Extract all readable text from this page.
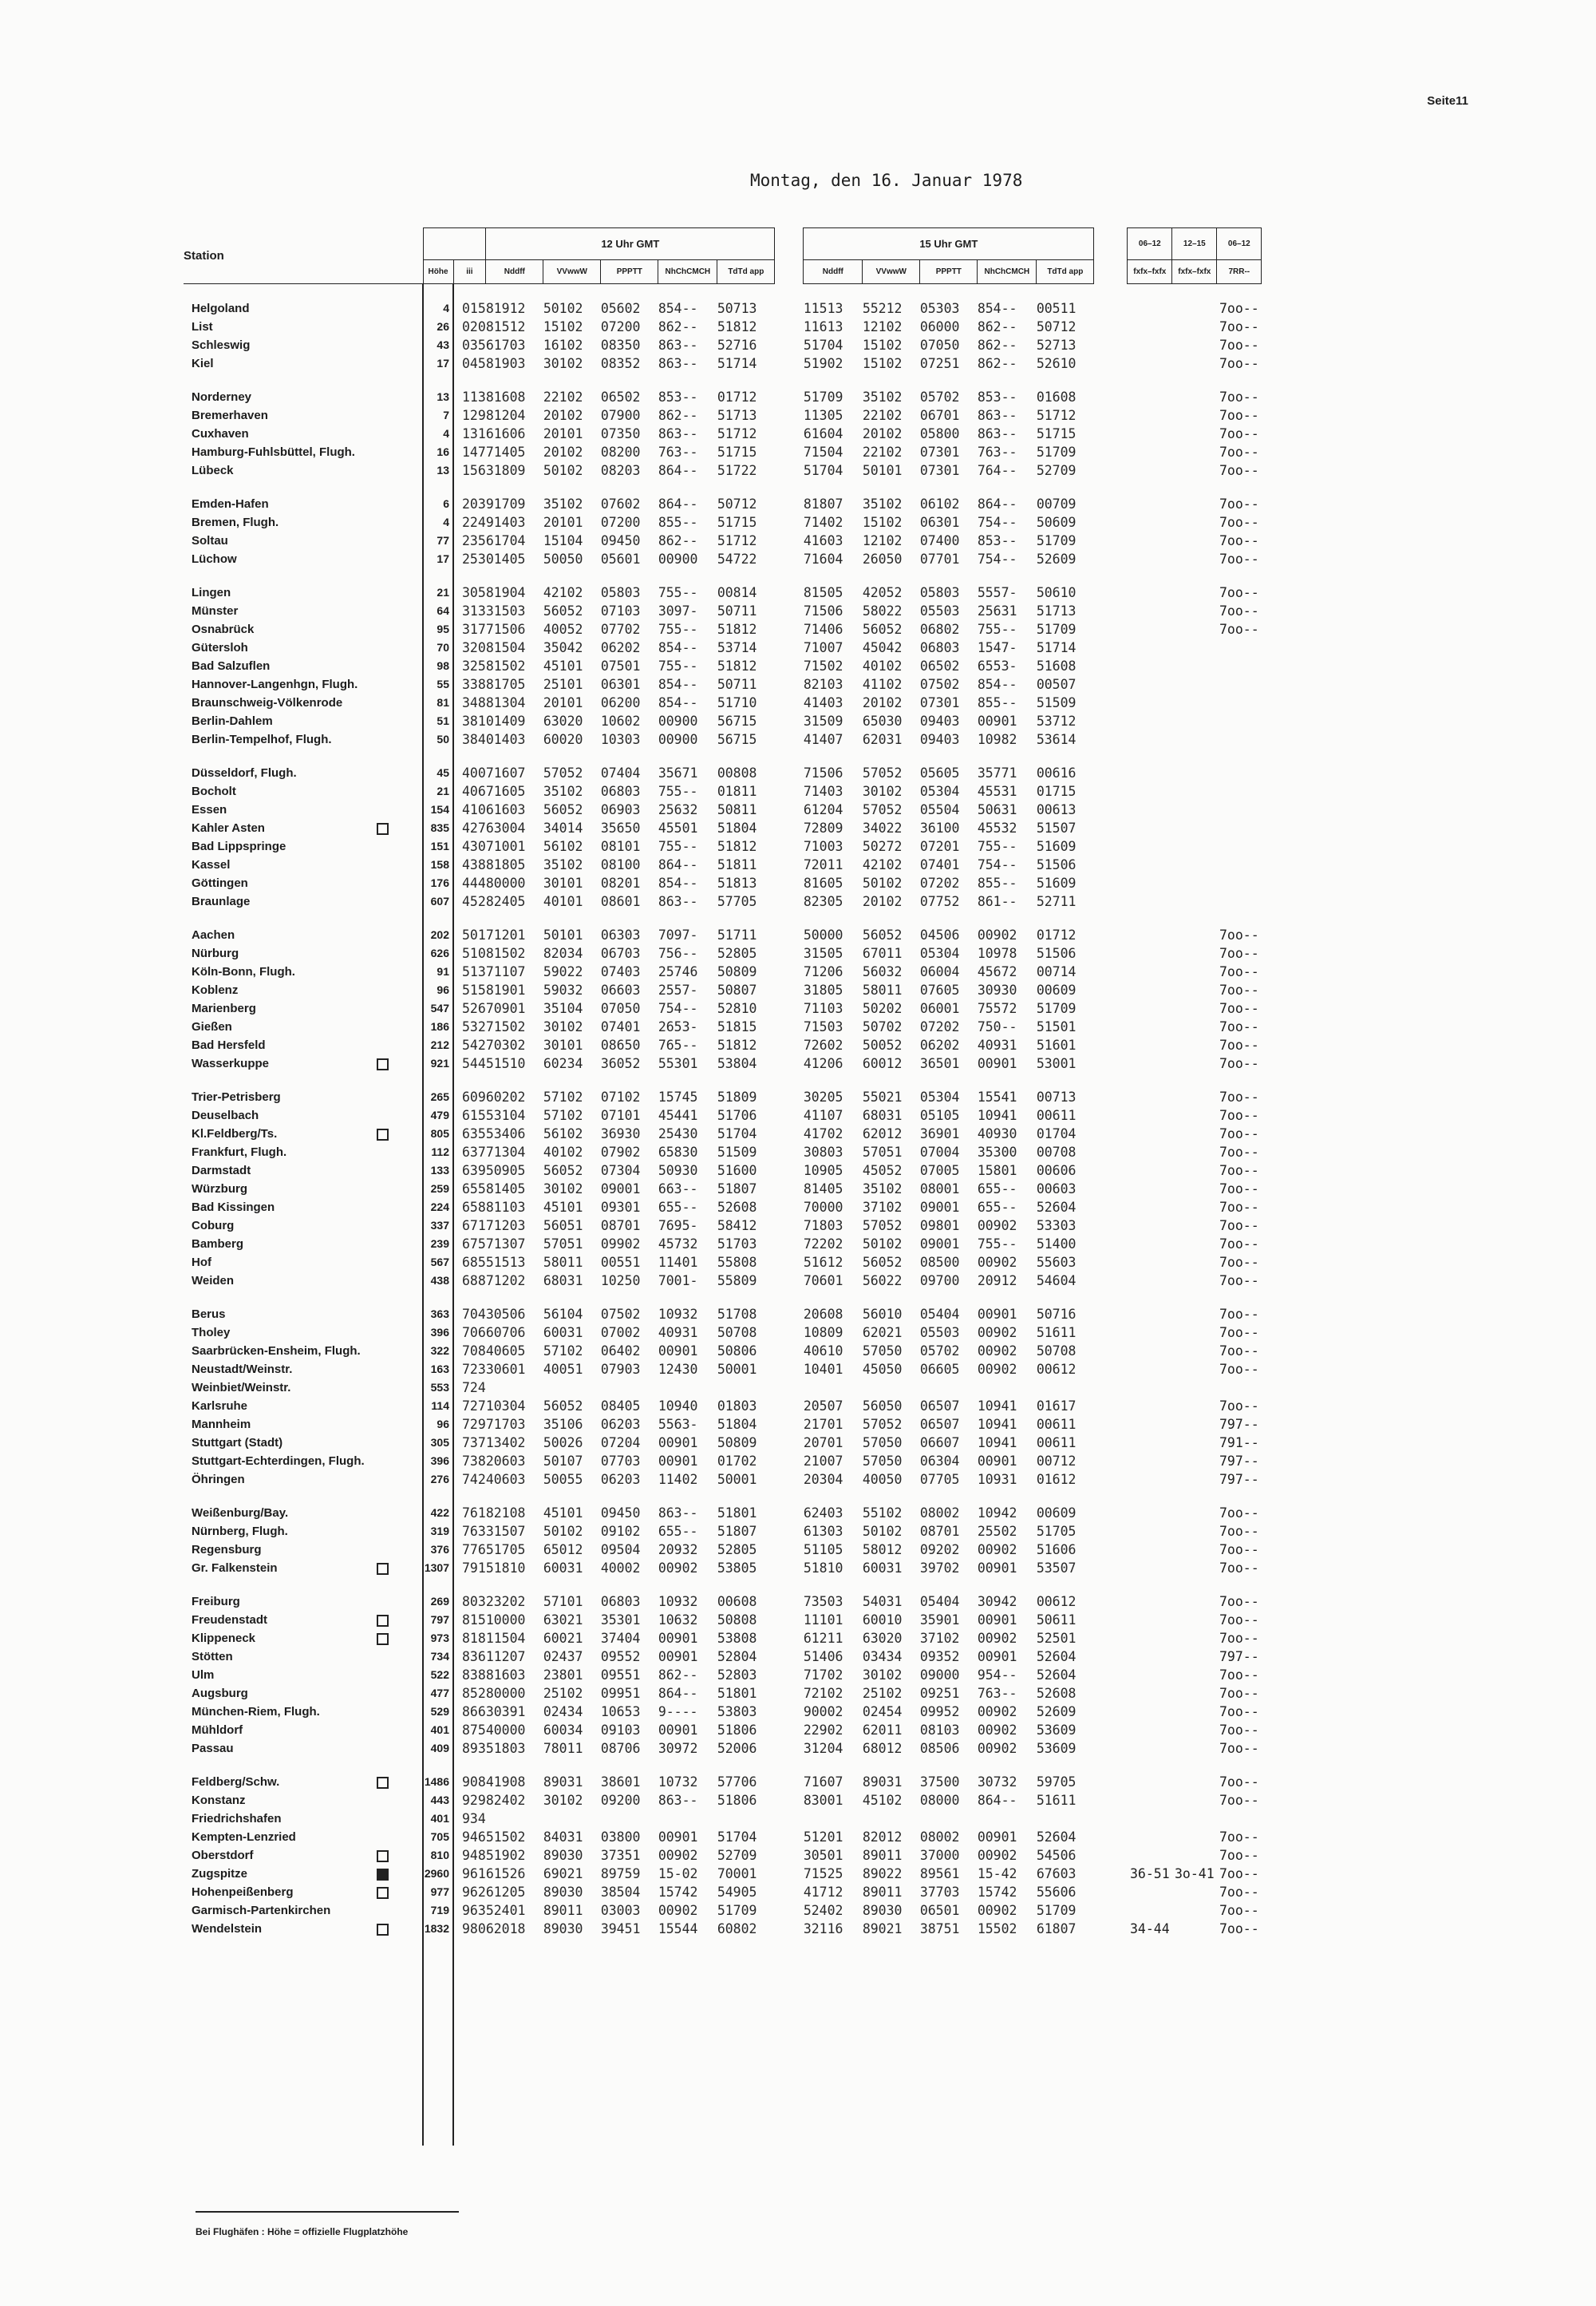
Seite11
Montag, den 16. Januar 1978
Station			12 Uhr GMT						15 Uhr GMT						06–12	12–15	06–12
	Höhe	iii	Nddff	VVwwW	PPPTT	NhChCMCH	TdTd app		Nddff	VVwwW	PPPTT	NhChCMCH	TdTd app		fxfx–fxfx	fxfx–fxfx	7RR--

Helgoland	4	015	81912	50102	05602	854--	50713		11513	55212	05303	854--	00511				7oo--
List	26	020	81512	15102	07200	862--	51812		11613	12102	06000	862--	50712				7oo--
Schleswig	43	035	61703	16102	08350	863--	52716		51704	15102	07050	862--	52713				7oo--
Kiel	17	045	81903	30102	08352	863--	51714		51902	15102	07251	862--	52610				7oo--

Norderney	13	113	81608	22102	06502	853--	01712		51709	35102	05702	853--	01608				7oo--
Bremerhaven	7	129	81204	20102	07900	862--	51713		11305	22102	06701	863--	51712				7oo--
Cuxhaven	4	131	61606	20101	07350	863--	51712		61604	20102	05800	863--	51715				7oo--
Hamburg-Fuhlsbüttel, Flugh.	16	147	71405	20102	08200	763--	51715		71504	22102	07301	763--	51709				7oo--
Lübeck	13	156	31809	50102	08203	864--	51722		51704	50101	07301	764--	52709				7oo--

Emden-Hafen	6	203	91709	35102	07602	864--	50712		81807	35102	06102	864--	00709				7oo--
Bremen, Flugh.	4	224	91403	20101	07200	855--	51715		71402	15102	06301	754--	50609				7oo--
Soltau	77	235	61704	15104	09450	862--	51712		41603	12102	07400	853--	51709				7oo--
Lüchow	17	253	01405	50050	05601	00900	54722		71604	26050	07701	754--	52609				7oo--

Lingen	21	305	81904	42102	05803	755--	00814		81505	42052	05803	5557-	50610				7oo--
Münster	64	313	31503	56052	07103	3097-	50711		71506	58022	05503	25631	51713				7oo--
Osnabrück	95	317	71506	40052	07702	755--	51812		71406	56052	06802	755--	51709				7oo--
Gütersloh	70	320	81504	35042	06202	854--	53714		71007	45042	06803	1547-	51714				
Bad Salzuflen	98	325	81502	45101	07501	755--	51812		71502	40102	06502	6553-	51608				
Hannover-Langenhgn, Flugh.	55	338	81705	25101	06301	854--	50711		82103	41102	07502	854--	00507				
Braunschweig-Völkenrode	81	348	81304	20101	06200	854--	51710		41403	20102	07301	855--	51509				
Berlin-Dahlem	51	381	01409	63020	10602	00900	56715		31509	65030	09403	00901	53712				
Berlin-Tempelhof, Flugh.	50	384	01403	60020	10303	00900	56715		41407	62031	09403	10982	53614				

Düsseldorf, Flugh.	45	400	71607	57052	07404	35671	00808		71506	57052	05605	35771	00616				
Bocholt	21	406	71605	35102	06803	755--	01811		71403	30102	05304	45531	01715				
Essen	154	410	61603	56052	06903	25632	50811		61204	57052	05504	50631	00613				
Kahler Asten	835	427	63004	34014	35650	45501	51804		72809	34022	36100	45532	51507				
Bad Lippspringe	151	430	71001	56102	08101	755--	51812		71003	50272	07201	755--	51609				
Kassel	158	438	81805	35102	08100	864--	51811		72011	42102	07401	754--	51506				
Göttingen	176	444	80000	30101	08201	854--	51813		81605	50102	07202	855--	51609				
Braunlage	607	452	82405	40101	08601	863--	57705		82305	20102	07752	861--	52711				

Aachen	202	501	71201	50101	06303	7097-	51711		50000	56052	04506	00902	01712				7oo--
Nürburg	626	510	81502	82034	06703	756--	52805		31505	67011	05304	10978	51506				7oo--
Köln-Bonn, Flugh.	91	513	71107	59022	07403	25746	50809		71206	56032	06004	45672	00714				7oo--
Koblenz	96	515	81901	59032	06603	2557-	50807		31805	58011	07605	30930	00609				7oo--
Marienberg	547	526	70901	35104	07050	754--	52810		71103	50202	06001	75572	51709				7oo--
Gießen	186	532	71502	30102	07401	2653-	51815		71503	50702	07202	750--	51501				7oo--
Bad Hersfeld	212	542	70302	30101	08650	765--	51812		72602	50052	06202	40931	51601				7oo--
Wasserkuppe	921	544	51510	60234	36052	55301	53804		41206	60012	36501	00901	53001				7oo--

Trier-Petrisberg	265	609	60202	57102	07102	15745	51809		30205	55021	05304	15541	00713				7oo--
Deuselbach	479	615	53104	57102	07101	45441	51706		41107	68031	05105	10941	00611				7oo--
Kl.Feldberg/Ts.	805	635	53406	56102	36930	25430	51704		41702	62012	36901	40930	01704				7oo--
Frankfurt, Flugh.	112	637	71304	40102	07902	65830	51509		30803	57051	07004	35300	00708				7oo--
Darmstadt	133	639	50905	56052	07304	50930	51600		10905	45052	07005	15801	00606				7oo--
Würzburg	259	655	81405	30102	09001	663--	51807		81405	35102	08001	655--	00603				7oo--
Bad Kissingen	224	658	81103	45101	09301	655--	52608		70000	37102	09001	655--	52604				7oo--
Coburg	337	671	71203	56051	08701	7695-	58412		71803	57052	09801	00902	53303				7oo--
Bamberg	239	675	71307	57051	09902	45732	51703		72202	50102	09001	755--	51400				7oo--
Hof	567	685	51513	58011	00551	11401	55808		51612	56052	08500	00902	55603				7oo--
Weiden	438	688	71202	68031	10250	7001-	55809		70601	56022	09700	20912	54604				7oo--

Berus	363	704	30506	56104	07502	10932	51708		20608	56010	05404	00901	50716				7oo--
Tholey	396	706	60706	60031	07002	40931	50708		10809	62021	05503	00902	51611				7oo--
Saarbrücken-Ensheim, Flugh.	322	708	40605	57102	06402	00901	50806		40610	57050	05702	00902	50708				7oo--
Neustadt/Weinstr.	163	723	30601	40051	07903	12430	50001		10401	45050	06605	00902	00612				7oo--
Weinbiet/Weinstr.	553	724															
Karlsruhe	114	727	10304	56052	08405	10940	01803		20507	56050	06507	10941	01617				7oo--
Mannheim	96	729	71703	35106	06203	5563-	51804		21701	57052	06507	10941	00611				797--
Stuttgart (Stadt)	305	737	13402	50026	07204	00901	50809		20701	57050	06607	10941	00611				791--
Stuttgart-Echterdingen, Flugh.	396	738	20603	50107	07703	00901	01702		21007	57050	06304	00901	00712				797--
Öhringen	276	742	40603	50055	06203	11402	50001		20304	40050	07705	10931	01612				797--

Weißenburg/Bay.	422	761	82108	45101	09450	863--	51801		62403	55102	08002	10942	00609				7oo--
Nürnberg, Flugh.	319	763	31507	50102	09102	655--	51807		61303	50102	08701	25502	51705				7oo--
Regensburg	376	776	51705	65012	09504	20932	52805		51105	58012	09202	00902	51606				7oo--
Gr. Falkenstein	1307	791	51810	60031	40002	00902	53805		51810	60031	39702	00901	53507				7oo--

Freiburg	269	803	23202	57101	06803	10932	00608		73503	54031	05404	30942	00612				7oo--
Freudenstadt	797	815	10000	63021	35301	10632	50808		11101	60010	35901	00901	50611				7oo--
Klippeneck	973	818	11504	60021	37404	00901	53808		61211	63020	37102	00902	52501				7oo--
Stötten	734	836	11207	02437	09552	00901	52804		51406	03434	09352	00901	52604				797--
Ulm	522	838	81603	23801	09551	862--	52803		71702	30102	09000	954--	52604				7oo--
Augsburg	477	852	80000	25102	09951	864--	51801		72102	25102	09251	763--	52608				7oo--
München-Riem, Flugh.	529	866	30391	02434	10653	9----	53803		90002	02454	09952	00902	52609				7oo--
Mühldorf	401	875	40000	60034	09103	00901	51806		22902	62011	08103	00902	53609				7oo--
Passau	409	893	51803	78011	08706	30972	52006		31204	68012	08506	00902	53609				7oo--

Feldberg/Schw.	1486	908	41908	89031	38601	10732	57706		71607	89031	37500	30732	59705				7oo--
Konstanz	443	929	82402	30102	09200	863--	51806		83001	45102	08000	864--	51611				7oo--
Friedrichshafen	401	934															
Kempten-Lenzried	705	946	51502	84031	03800	00901	51704		51201	82012	08002	00901	52604				7oo--
Oberstdorf	810	948	51902	89030	37351	00902	52709		30501	89011	37000	00902	54506				7oo--
Zugspitze	2960	961	61526	69021	89759	15-02	70001		71525	89022	89561	15-42	67603		36-51	3o-41	7oo--
Hohenpeißenberg	977	962	61205	89030	38504	15742	54905		41712	89011	37703	15742	55606				7oo--
Garmisch-Partenkirchen	719	963	52401	89011	03003	00902	51709		52402	89030	06501	00902	51709				7oo--
Wendelstein	1832	980	62018	89030	39451	15544	60802		32116	89021	38751	15502	61807		34-44		7oo--

Bei Flughäfen : Höhe = offizielle Flugplatzhöhe
